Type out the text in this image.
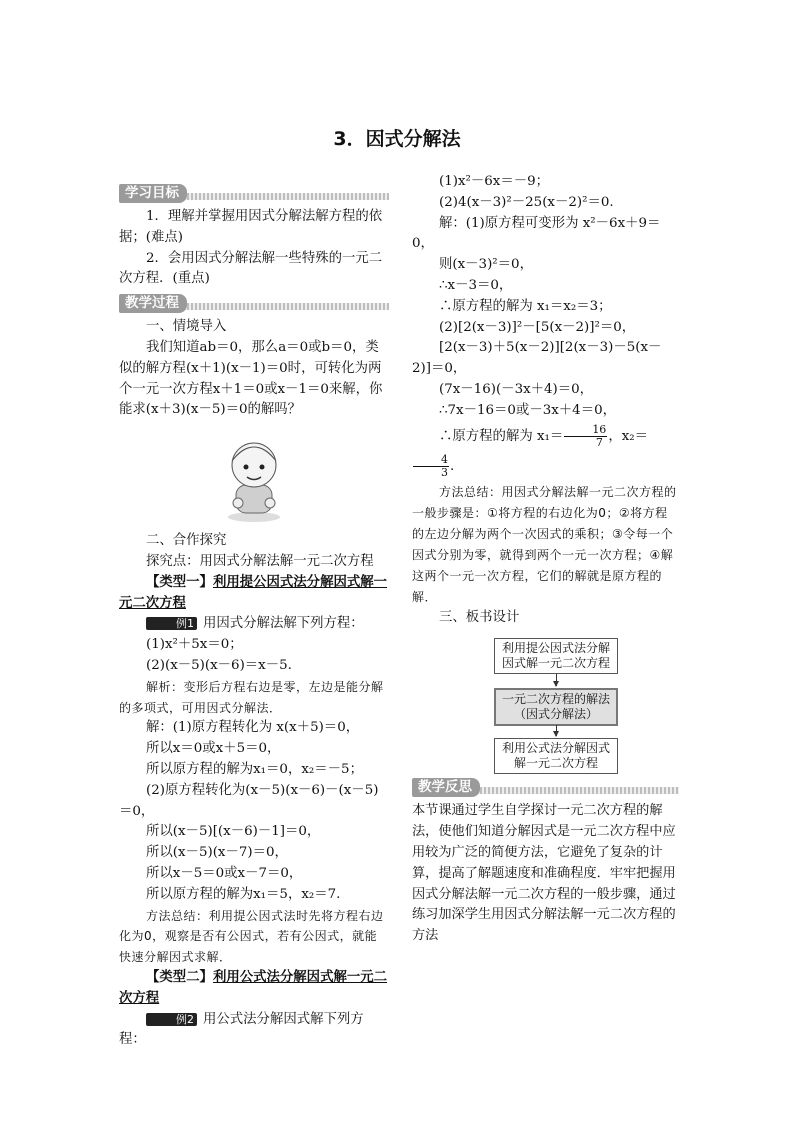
3．因式分解法
学习目标

1．理解并掌握用因式分解法解方程的依据；(难点)

2．会用因式分解法解一些特殊的一元二次方程．(重点)

教学过程

一、情境导入

我们知道ab＝0，那么a＝0或b＝0，类似的解方程(x＋1)(x－1)＝0时，可转化为两个一元一次方程x＋1＝0或x－1＝0来解，你能求(x＋3)(x－5)＝0的解吗？

二、合作探究

探究点：用因式分解法解一元二次方程

【类型一】利用提公因式法分解因式解一元二次方程

例1 用因式分解法解下列方程：

(1)x²＋5x＝0；

(2)(x－5)(x－6)＝x－5.

解析：变形后方程右边是零，左边是能分解的多项式，可用因式分解法．

解：(1)原方程转化为 x(x＋5)＝0，

所以x＝0或x＋5＝0，

所以原方程的解为x₁＝0，x₂＝－5；

(2)原方程转化为(x－5)(x－6)－(x－5)＝0，

所以(x－5)[(x－6)－1]＝0，

所以(x－5)(x－7)＝0，

所以x－5＝0或x－7＝0，

所以原方程的解为x₁＝5，x₂＝7.

方法总结：利用提公因式法时先将方程右边化为0，观察是否有公因式，若有公因式，就能快速分解因式求解．

【类型二】利用公式法分解因式解一元二次方程

例2 用公式法分解因式解下列方程：

(1)x²－6x＝－9；

(2)4(x－3)²－25(x－2)²＝0.

解：(1)原方程可变形为 x²－6x＋9＝0，

则(x－3)²＝0，

∴x－3＝0，

∴原方程的解为 x₁＝x₂＝3；

(2)[2(x－3)]²－[5(x－2)]²＝0，

[2(x－3)＋5(x－2)][2(x－3)－5(x－2)]＝0，

(7x－16)(－3x＋4)＝0，

∴7x－16＝0或－3x＋4＝0，

∴原方程的解为 $x_1= \frac{16}{7}$ ，x₂＝
$\frac{4}{3}$ .

方法总结：用因式分解法解一元二次方程的一般步骤是：①将方程的右边化为0；②将方程的左边分解为两个一次因式的乘积；③令每一个因式分别为零，就得到两个一元一次方程；④解这两个一元一次方程，它们的解就是原方程的解．

三、板书设计

利用提公因式法分解因式解一元二次方程
一元二次方程的解法（因式分解法）
利用公式法分解因式解一元二次方程
教学反思

本节课通过学生自学探讨一元二次方程的解法，使他们知道分解因式是一元二次方程中应用较为广泛的简便方法，它避免了复杂的计算，提高了解题速度和准确程度．牢牢把握用因式分解法解一元二次方程的一般步骤，通过练习加深学生用因式分解法解一元二次方程的方法
